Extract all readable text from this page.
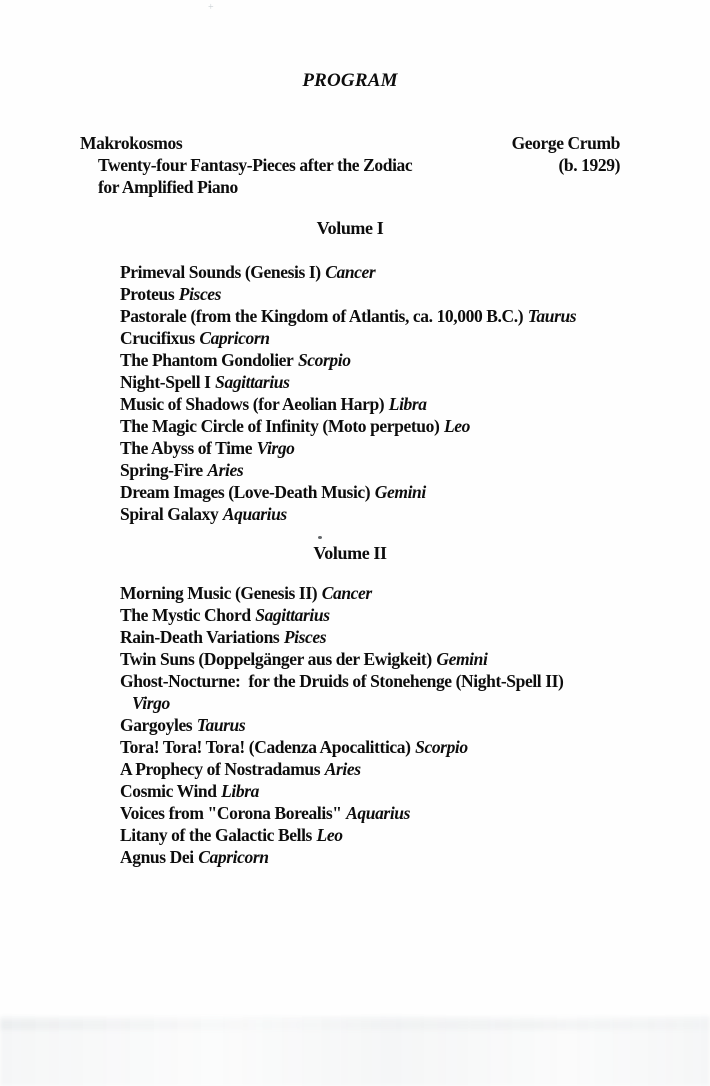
PROGRAM
Makrokosmos
Twenty-four Fantasy-Pieces after the Zodiac
for Amplified Piano
George Crumb
(b. 1929)
Volume I
Primeval Sounds (Genesis I) Cancer
Proteus Pisces
Pastorale (from the Kingdom of Atlantis, ca. 10,000 B.C.) Taurus
Crucifixus Capricorn
The Phantom Gondolier Scorpio
Night-Spell I Sagittarius
Music of Shadows (for Aeolian Harp) Libra
The Magic Circle of Infinity (Moto perpetuo) Leo
The Abyss of Time Virgo
Spring-Fire Aries
Dream Images (Love-Death Music) Gemini
Spiral Galaxy Aquarius
Volume II
Morning Music (Genesis II) Cancer
The Mystic Chord Sagittarius
Rain-Death Variations Pisces
Twin Suns (Doppelgänger aus der Ewigkeit) Gemini
Ghost-Nocturne:  for the Druids of Stonehenge (Night-Spell II)
Virgo
Gargoyles Taurus
Tora! Tora! Tora! (Cadenza Apocalittica) Scorpio
A Prophecy of Nostradamus Aries
Cosmic Wind Libra
Voices from "Corona Borealis" Aquarius
Litany of the Galactic Bells Leo
Agnus Dei Capricorn
+
